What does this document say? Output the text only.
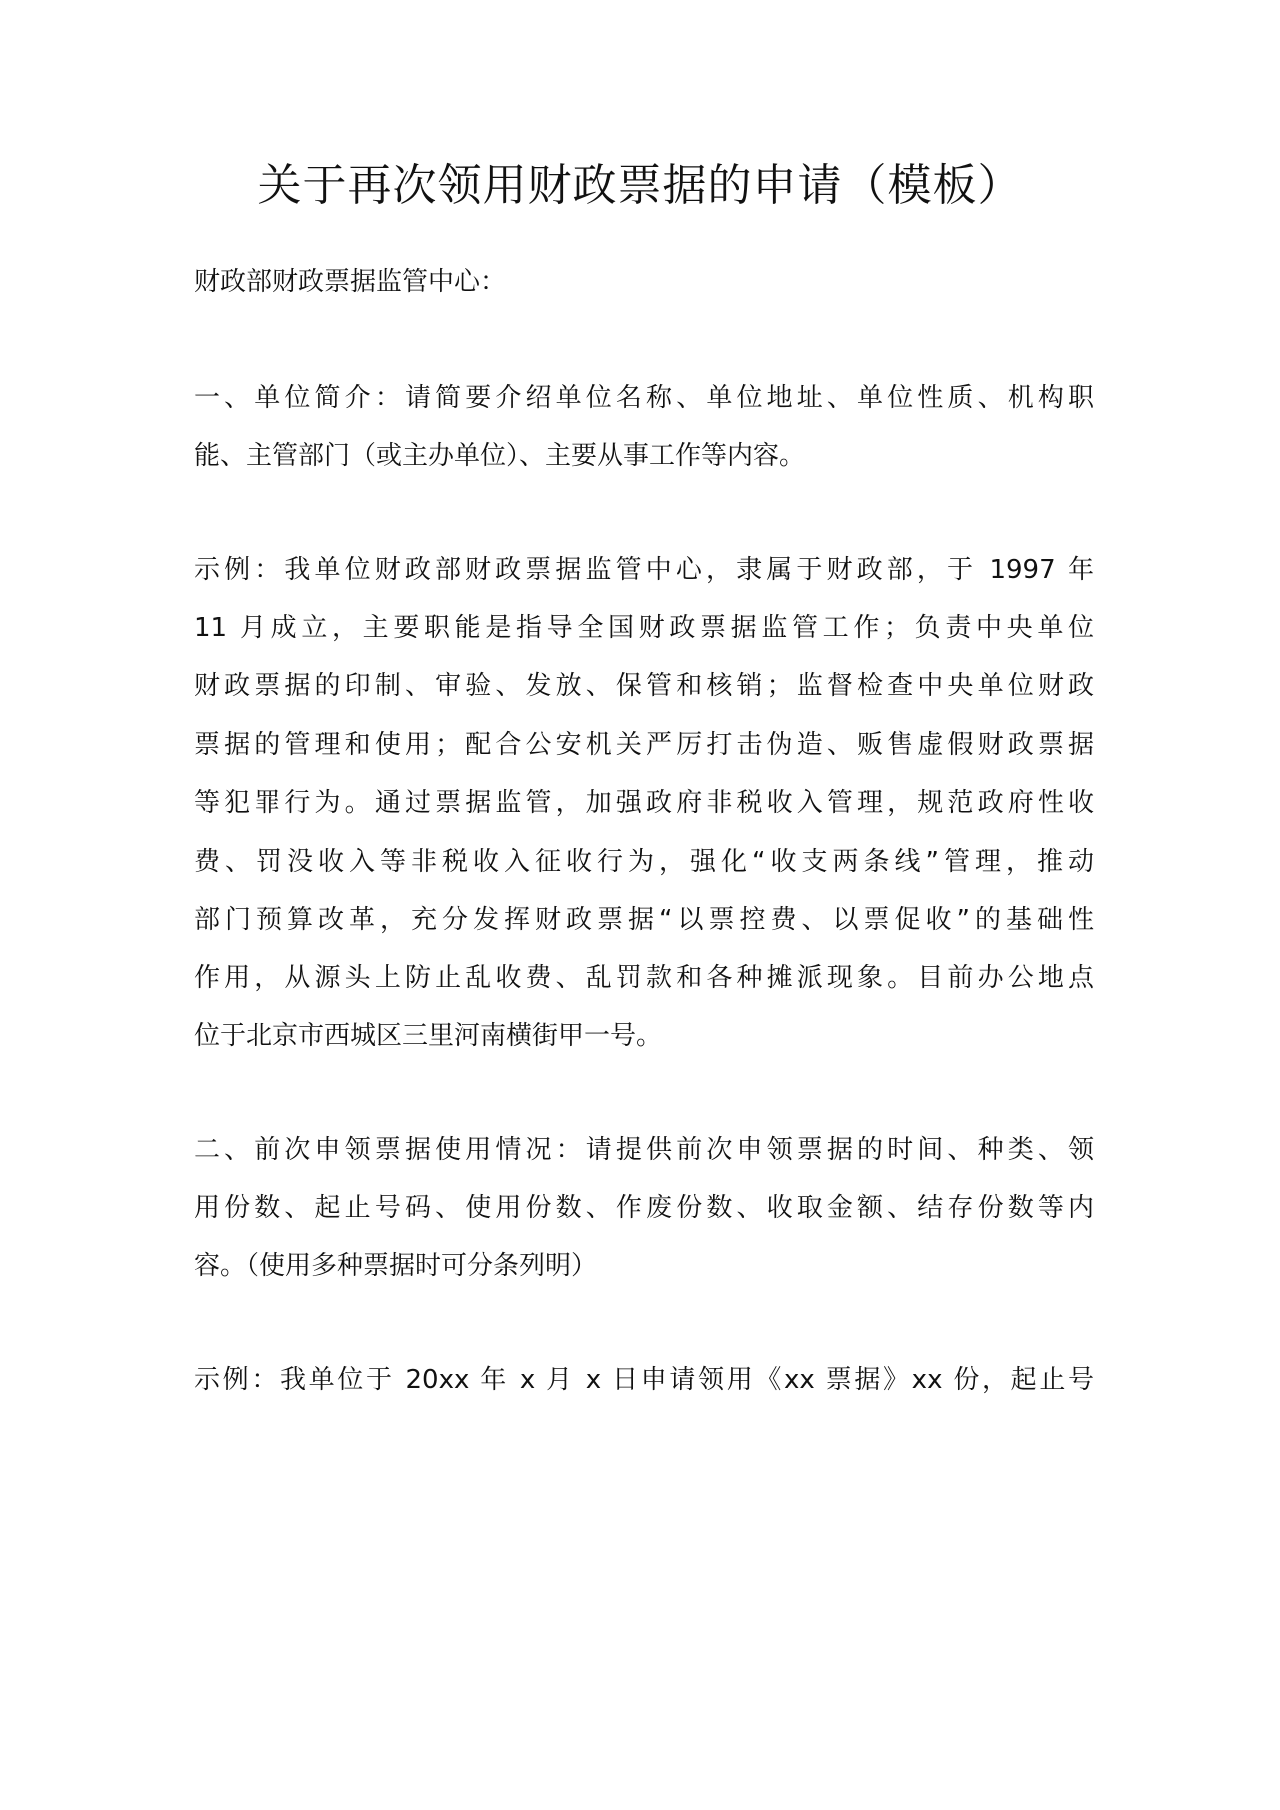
关于再次领用财政票据的申请（模板）

财政部财政票据监管中心：

一、单位简介：请简要介绍单位名称、单位地址、单位性质、机构职

能、主管部门（或主办单位）、主要从事工作等内容。

示例：我单位财政部财政票据监管中心，隶属于财政部，于 1997 年

11 月成立，主要职能是指导全国财政票据监管工作；负责中央单位

财政票据的印制、审验、发放、保管和核销；监督检查中央单位财政

票据的管理和使用；配合公安机关严厉打击伪造、贩售虚假财政票据

等犯罪行为。通过票据监管，加强政府非税收入管理，规范政府性收

费、罚没收入等非税收入征收行为，强化“收支两条线”管理，推动

部门预算改革，充分发挥财政票据“以票控费、以票促收”的基础性

作用，从源头上防止乱收费、乱罚款和各种摊派现象。目前办公地点

位于北京市西城区三里河南横街甲一号。

二、前次申领票据使用情况：请提供前次申领票据的时间、种类、领

用份数、起止号码、使用份数、作废份数、收取金额、结存份数等内

容。（使用多种票据时可分条列明）

示例：我单位于 20xx 年 x 月 x 日申请领用《xx 票据》xx 份，起止号
